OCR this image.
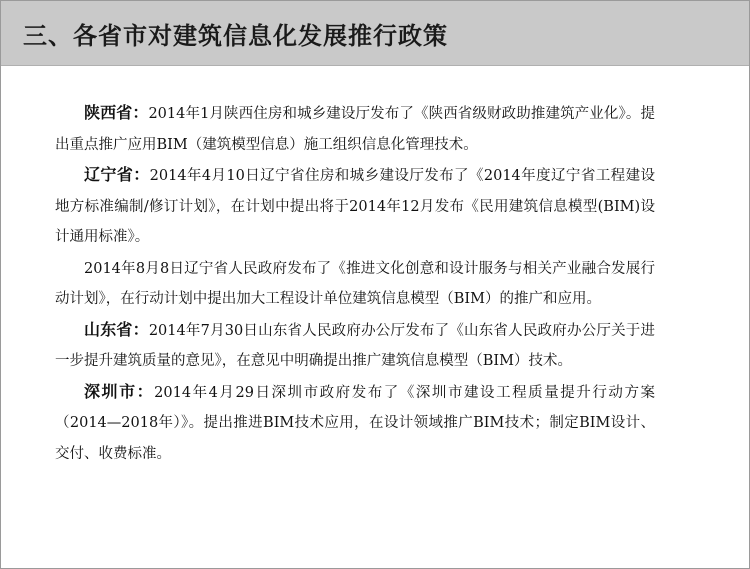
三、各省市对建筑信息化发展推行政策

陕西省：2014年1月陕西住房和城乡建设厅发布了《陕西省级财政助推建筑产业化》。提出重点推广应用BIM（建筑模型信息）施工组织信息化管理技术。

辽宁省：2014年4月10日辽宁省住房和城乡建设厅发布了《2014年度辽宁省工程建设地方标准编制/修订计划》，在计划中提出将于2014年12月发布《民用建筑信息模型(BIM)设计通用标准》。

2014年8月8日辽宁省人民政府发布了《推进文化创意和设计服务与相关产业融合发展行动计划》，在行动计划中提出加大工程设计单位建筑信息模型（BIM）的推广和应用。

山东省：2014年7月30日山东省人民政府办公厅发布了《山东省人民政府办公厅关于进一步提升建筑质量的意见》，在意见中明确提出推广建筑信息模型（BIM）技术。

深圳市：2014年4月29日深圳市政府发布了《深圳市建设工程质量提升行动方案（2014—2018年）》。提出推进BIM技术应用，在设计领域推广BIM技术；制定BIM设计、交付、收费标准。
